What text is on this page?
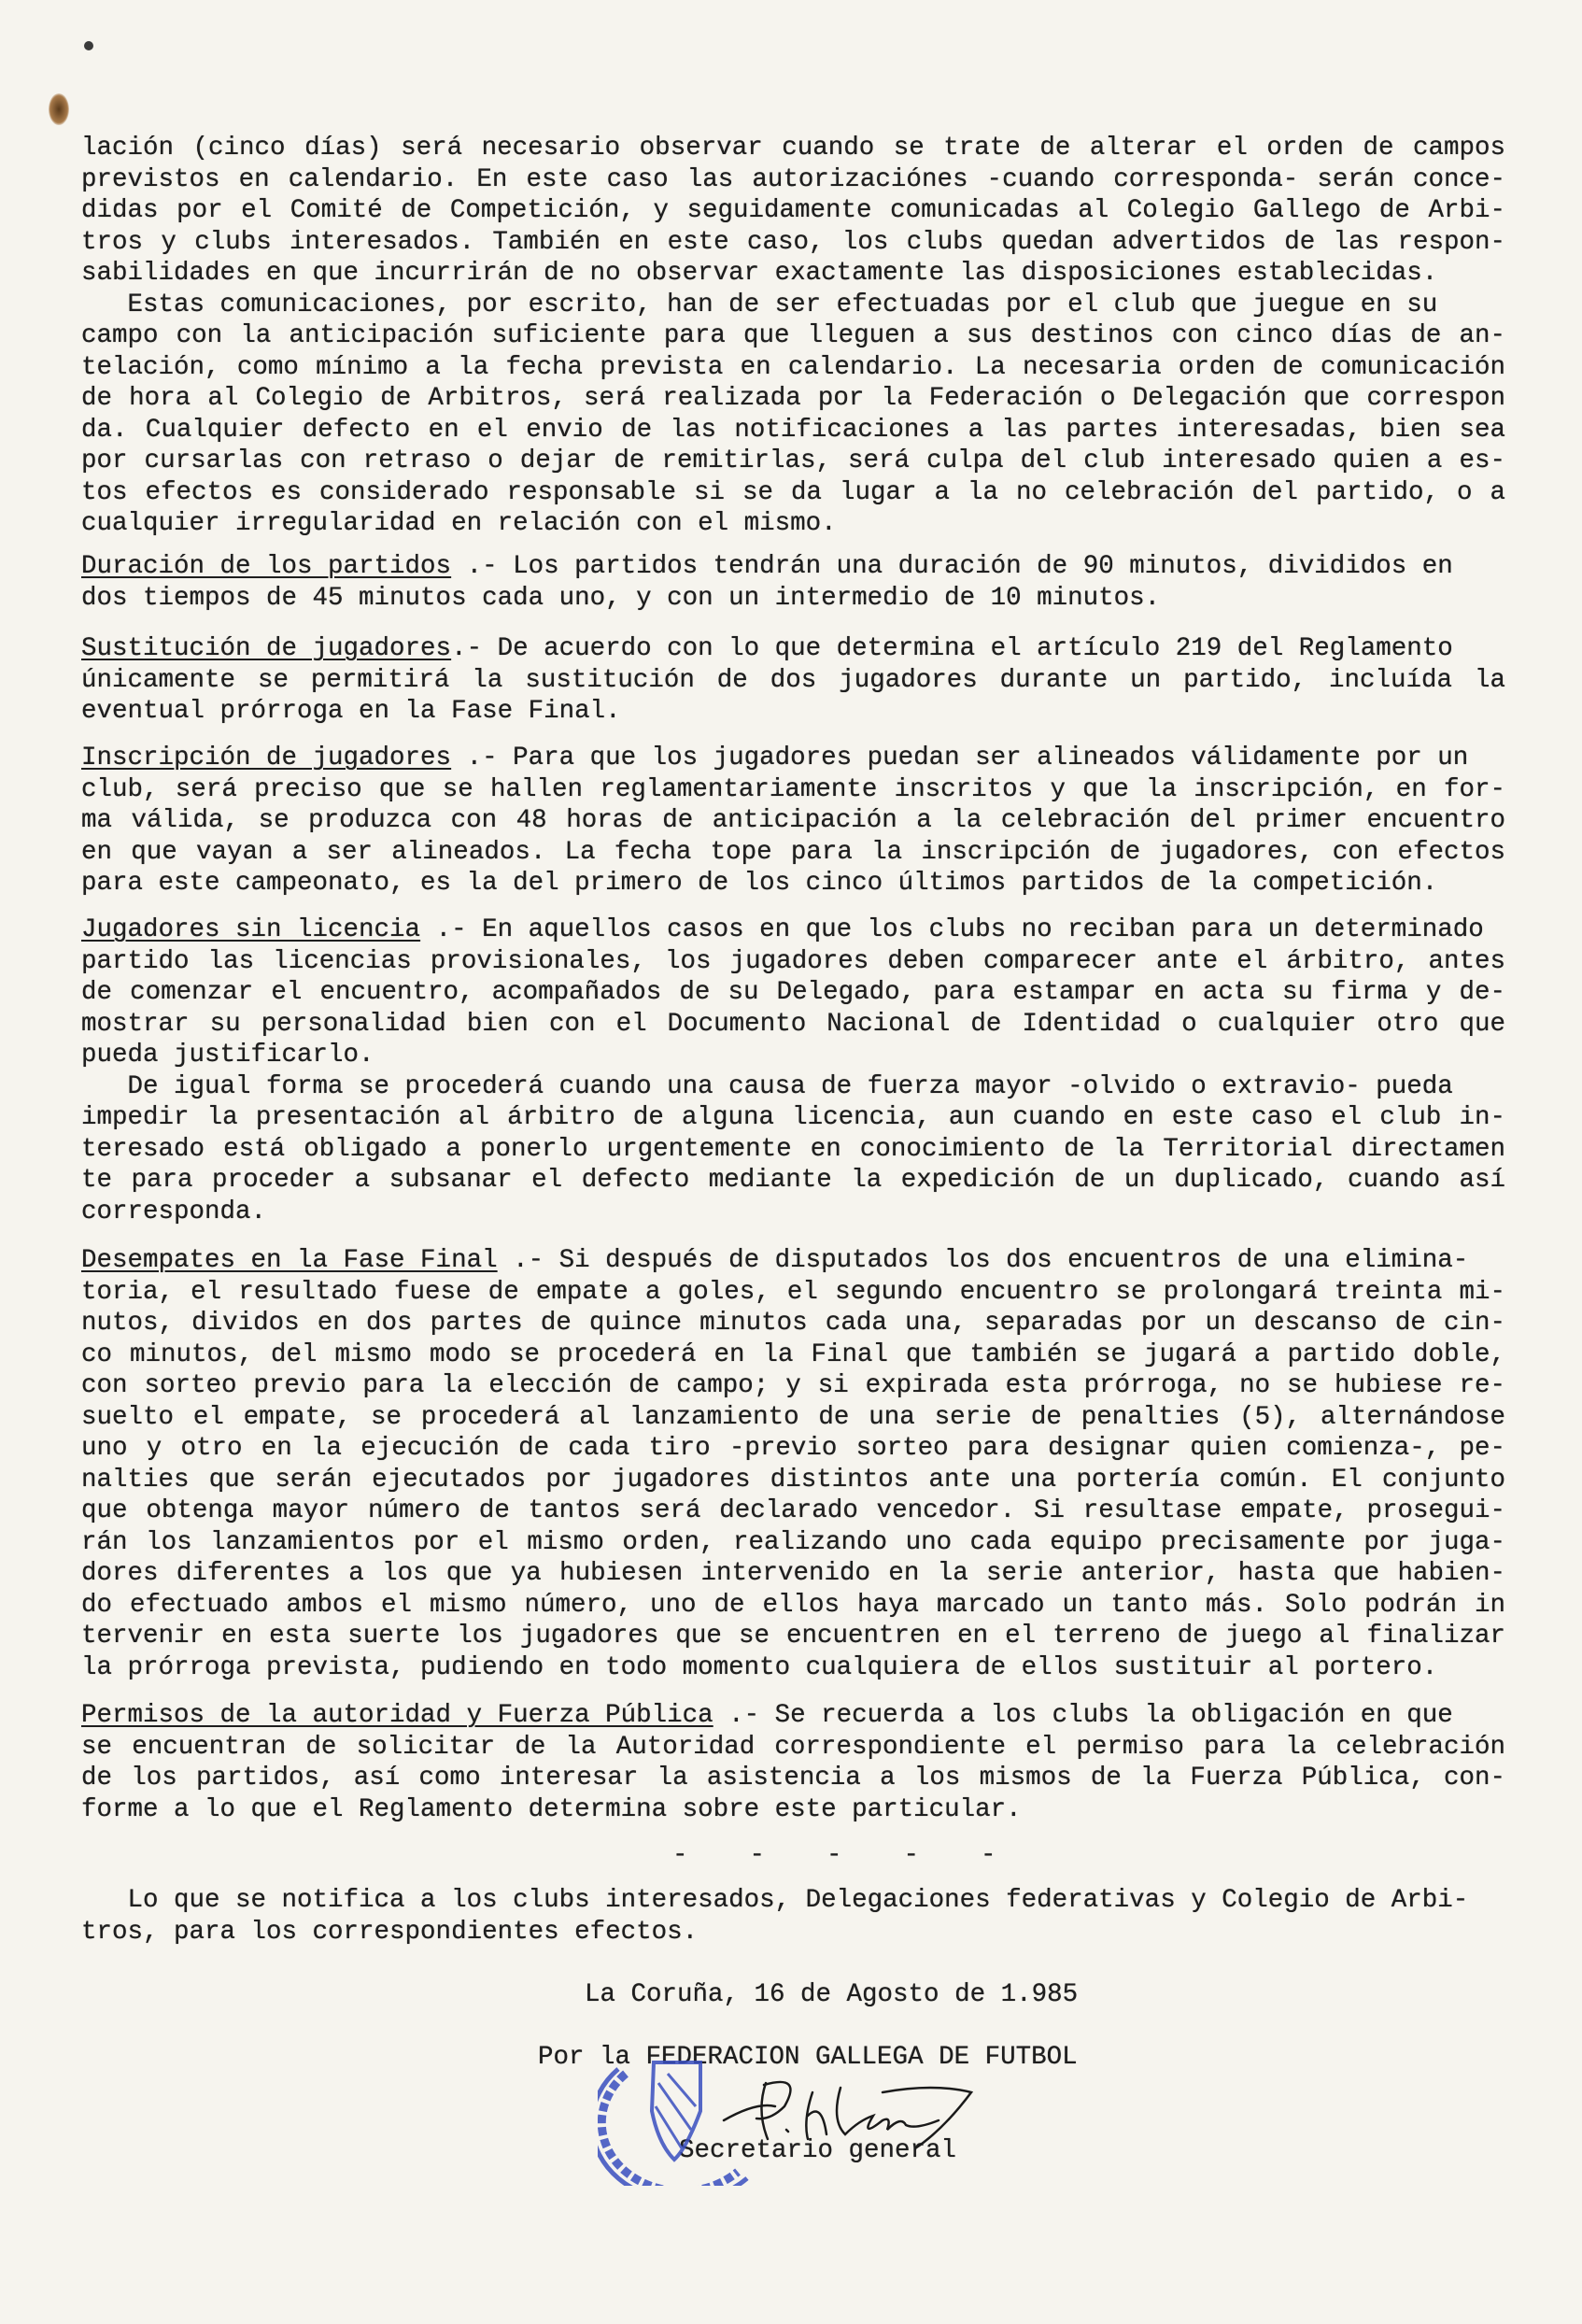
lación (cinco días) será necesario observar cuando se trate de alterar el orden de campos
previstos en calendario. En este caso las autorizaciónes -cuando corresponda- serán conce-
didas por el Comité de Competición, y seguidamente comunicadas al Colegio Gallego de Arbi-
tros y clubs interesados. También en este caso, los clubs quedan advertidos de las respon-
sabilidades en que incurrirán de no observar exactamente las disposiciones establecidas.
Estas comunicaciones, por escrito, han de ser efectuadas por el club que juegue en su
campo con la anticipación suficiente para que lleguen a sus destinos con cinco días de an-
telación, como mínimo a la fecha prevista en calendario. La necesaria orden de comunicación
de hora al Colegio de Arbitros, será realizada por la Federación o Delegación que correspon
da. Cualquier defecto en el envio de las notificaciones a las partes interesadas, bien sea
por cursarlas con retraso o dejar de remitirlas, será culpa del club interesado quien a es-
tos efectos es considerado responsable si se da lugar a la no celebración del partido, o a
cualquier irregularidad en relación con el mismo.
Duración de los partidos .- Los partidos tendrán una duración de 90 minutos, divididos en
dos tiempos de 45 minutos cada uno, y con un intermedio de 10 minutos.
Sustitución de jugadores.- De acuerdo con lo que determina el artículo 219 del Reglamento
únicamente se permitirá la sustitución de dos jugadores durante un partido, incluída la
eventual prórroga en la Fase Final.
Inscripción de jugadores .- Para que los jugadores puedan ser alineados válidamente por un
club, será preciso que se hallen reglamentariamente inscritos y que la inscripción, en for-
ma válida, se produzca con 48 horas de anticipación a la celebración del primer encuentro
en que vayan a ser alineados. La fecha tope para la inscripción de jugadores, con efectos
para este campeonato, es la del primero de los cinco últimos partidos de la competición.
Jugadores sin licencia .- En aquellos casos en que los clubs no reciban para un determinado
partido las licencias provisionales, los jugadores deben comparecer ante el árbitro, antes
de comenzar el encuentro, acompañados de su Delegado, para estampar en acta su firma y de-
mostrar su personalidad bien con el Documento Nacional de Identidad o cualquier otro que
pueda justificarlo.
De igual forma se procederá cuando una causa de fuerza mayor -olvido o extravio- pueda
impedir la presentación al árbitro de alguna licencia, aun cuando en este caso el club in-
teresado está obligado a ponerlo urgentemente en conocimiento de la Territorial directamen
te para proceder a subsanar el defecto mediante la expedición de un duplicado, cuando así
corresponda.
Desempates en la Fase Final .- Si después de disputados los dos encuentros de una elimina-
toria, el resultado fuese de empate a goles, el segundo encuentro se prolongará treinta mi-
nutos, dividos en dos partes de quince minutos cada una, separadas por un descanso de cin-
co minutos, del mismo modo se procederá en la Final que también se jugará a partido doble,
con sorteo previo para la elección de campo; y si expirada esta prórroga, no se hubiese re-
suelto el empate, se procederá al lanzamiento de una serie de penalties (5), alternándose
uno y otro en la ejecución de cada tiro -previo sorteo para designar quien comienza-, pe-
nalties que serán ejecutados por jugadores distintos ante una portería común. El conjunto
que obtenga mayor número de tantos será declarado vencedor. Si resultase empate, prosegui-
rán los lanzamientos por el mismo orden, realizando uno cada equipo precisamente por juga-
dores diferentes a los que ya hubiesen intervenido en la serie anterior, hasta que habien-
do efectuado ambos el mismo número, uno de ellos haya marcado un tanto más. Solo podrán in
tervenir en esta suerte los jugadores que se encuentren en el terreno de juego al finalizar
la prórroga prevista, pudiendo en todo momento cualquiera de ellos sustituir al portero.
Permisos de la autoridad y Fuerza Pública .- Se recuerda a los clubs la obligación en que
se encuentran de solicitar de la Autoridad correspondiente el permiso para la celebración
de los partidos, así como interesar la asistencia a los mismos de la Fuerza Pública, con-
forme a lo que el Reglamento determina sobre este particular.
Lo que se notifica a los clubs interesados, Delegaciones federativas y Colegio de Arbi-
tros, para los correspondientes efectos.
-    -    -    -    -
La Coruña, 16 de Agosto de 1.985
Por la FEDERACION GALLEGA DE FUTBOL
Secretario general
